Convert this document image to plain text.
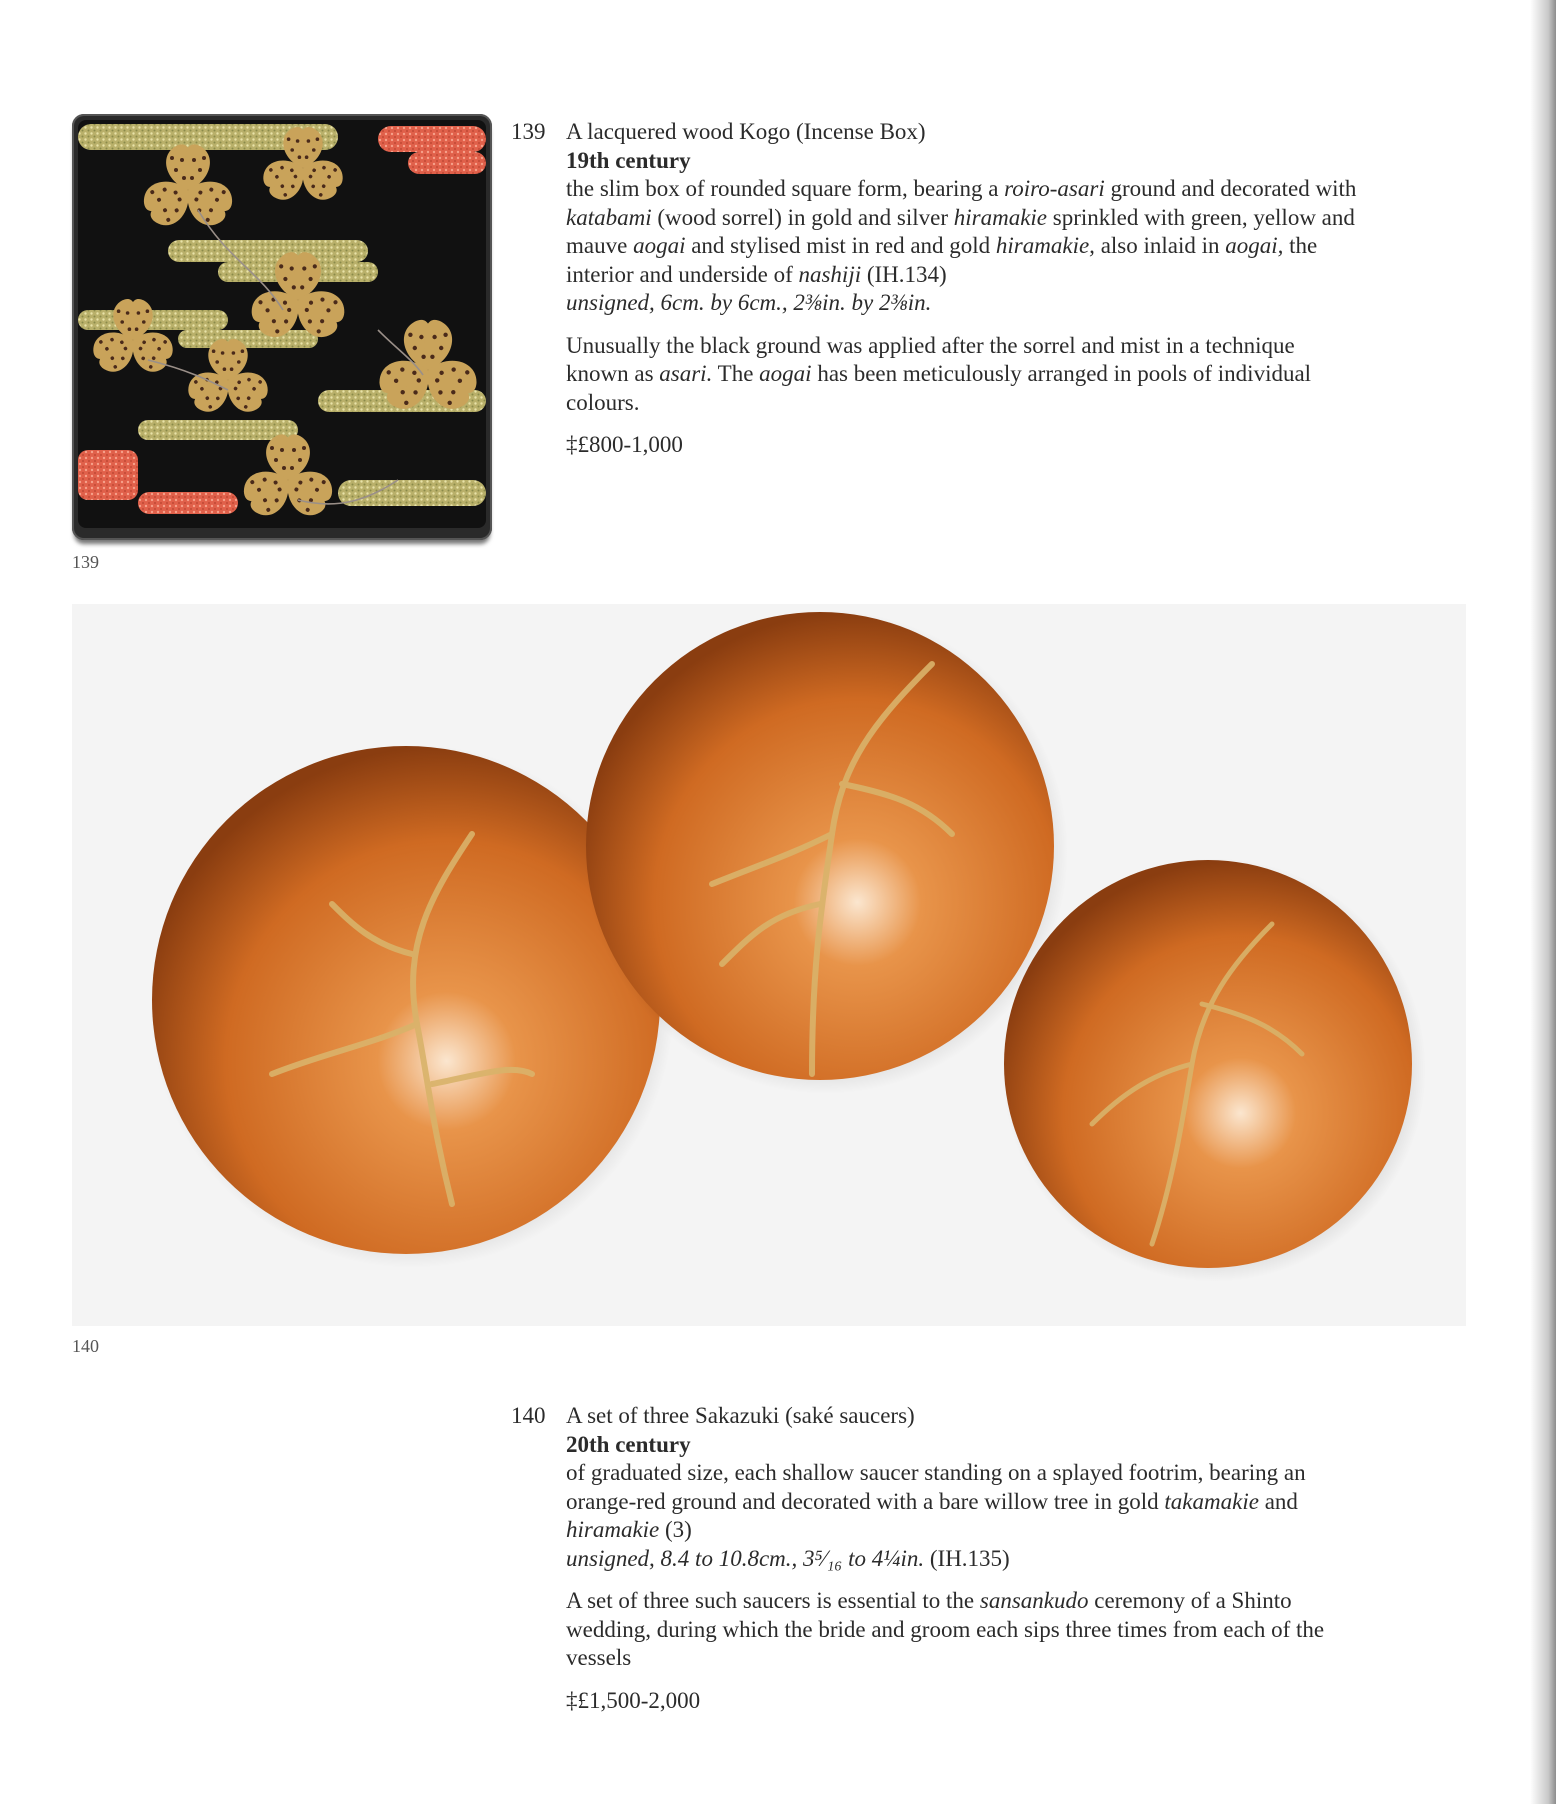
139
139 A lacquered wood Kogo (Incense Box)
19th century
the slim box of rounded square form, bearing a roiro-asari ground and decorated with
katabami (wood sorrel) in gold and silver hiramakie sprinkled with green, yellow and
mauve aogai and stylised mist in red and gold hiramakie, also inlaid in aogai, the
interior and underside of nashiji (IH.134)
unsigned, 6cm. by 6cm., 2⅜in. by 2⅜in.
Unusually the black ground was applied after the sorrel and mist in a technique
known as asari. The aogai has been meticulously arranged in pools of individual
colours.
‡£800-1,000
140
140 A set of three Sakazuki (saké saucers)
20th century
of graduated size, each shallow saucer standing on a splayed footrim, bearing an
orange-red ground and decorated with a bare willow tree in gold takamakie and
hiramakie (3)
unsigned, 8.4 to 10.8cm., 3⁵⁄₁₆ to 4¼in. (IH.135)
A set of three such saucers is essential to the sansankudo ceremony of a Shinto
wedding, during which the bride and groom each sips three times from each of the
vessels
‡£1,500-2,000
